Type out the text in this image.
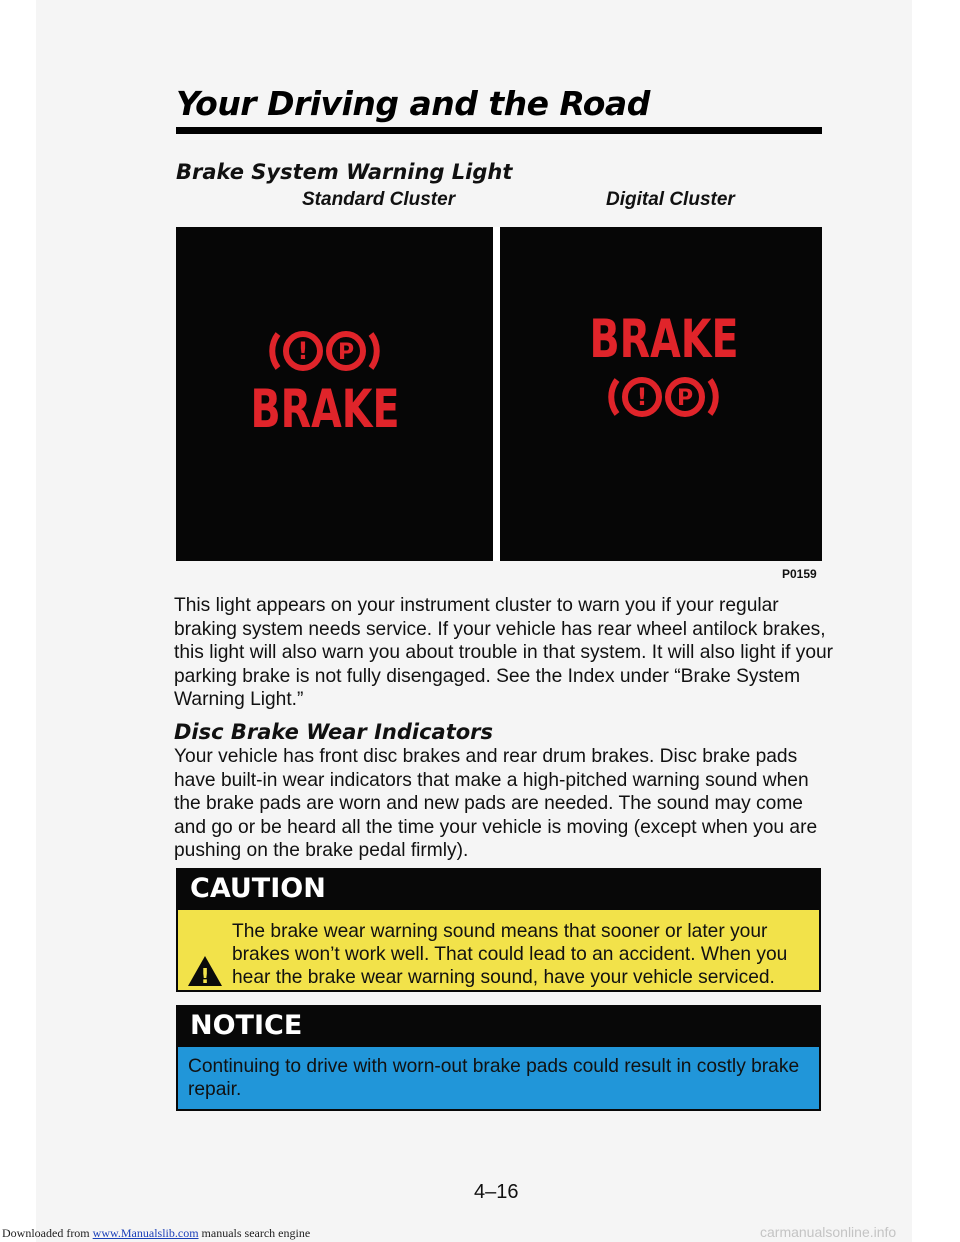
Your Driving and the Road
Brake System Warning Light
Standard Cluster	Digital Cluster
! P
BRAKE
BRAKE
! P
P0159

This light appears on your instrument cluster to warn you if your regular braking system needs service. If your vehicle has rear wheel antilock brakes, this light will also warn you about trouble in that system. It will also light if your parking brake is not fully disengaged. See the Index under “Brake System Warning Light.”

Disc Brake Wear Indicators

Your vehicle has front disc brakes and rear drum brakes. Disc brake pads have built-in wear indicators that make a high-pitched warning sound when the brake pads are worn and new pads are needed. The sound may come and go or be heard all the time your vehicle is moving (except when you are pushing on the brake pedal firmly).

CAUTION
!
The brake wear warning sound means that sooner or later your brakes won’t work well. That could lead to an accident. When you hear the brake wear warning sound, have your vehicle serviced.
NOTICE
Continuing to drive with worn-out brake pads could result in costly brake repair.
4–16
Downloaded from www.Manualslib.com manuals search engine	carmanualsonline.info
